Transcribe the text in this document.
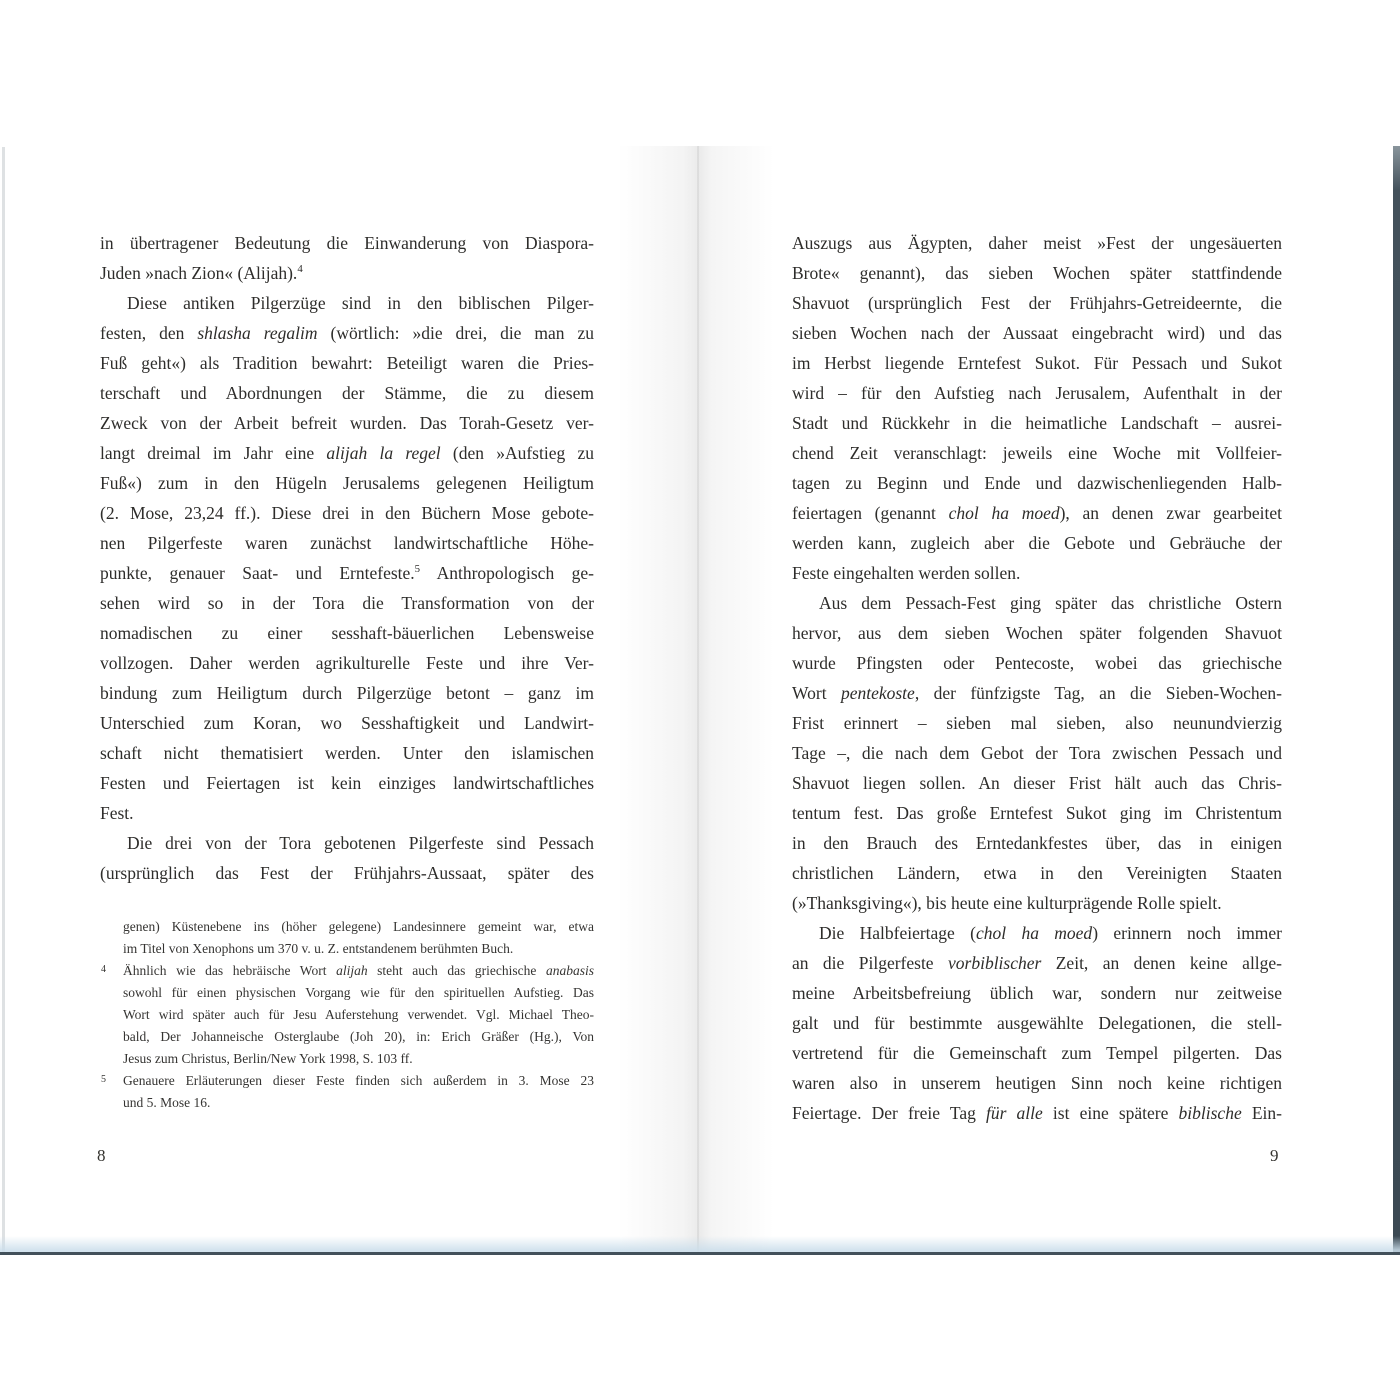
in übertragener Bedeutung die Einwanderung von Diaspora-
Juden »nach Zion« (Alijah).$^4$
Diese antiken Pilgerzüge sind in den biblischen Pilger-
festen, den shlasha regalim (wörtlich: »die drei, die man zu
Fuß geht«) als Tradition bewahrt: Beteiligt waren die Pries-
terschaft und Abordnungen der Stämme, die zu diesem
Zweck von der Arbeit befreit wurden. Das Torah-Gesetz ver-
langt dreimal im Jahr eine alijah la regel (den »Aufstieg zu
Fuß«) zum in den Hügeln Jerusalems gelegenen Heiligtum
(2. Mose, 23,24 ff.). Diese drei in den Büchern Mose gebote-
nen Pilgerfeste waren zunächst landwirtschaftliche Höhe-
punkte, genauer Saat- und Erntefeste.$^5$ Anthropologisch ge-
sehen wird so in der Tora die Transformation von der
nomadischen zu einer sesshaft-bäuerlichen Lebensweise
vollzogen. Daher werden agrikulturelle Feste und ihre Ver-
bindung zum Heiligtum durch Pilgerzüge betont – ganz im
Unterschied zum Koran, wo Sesshaftigkeit und Landwirt-
schaft nicht thematisiert werden. Unter den islamischen
Festen und Feiertagen ist kein einziges landwirtschaftliches
Fest.
Die drei von der Tora gebotenen Pilgerfeste sind Pessach
(ursprünglich das Fest der Frühjahrs-Aussaat, später des
genen) Küstenebene ins (höher gelegene) Landesinnere gemeint war, etwa
im Titel von Xenophons um 370 v. u. Z. entstandenem berühmten Buch.
4 Ähnlich wie das hebräische Wort alijah steht auch das griechische anabasis
sowohl für einen physischen Vorgang wie für den spirituellen Aufstieg. Das
Wort wird später auch für Jesu Auferstehung verwendet. Vgl. Michael Theo-
bald, Der Johanneische Osterglaube (Joh 20), in: Erich Gräßer (Hg.), Von
Jesus zum Christus, Berlin/New York 1998, S. 103 ff.
5 Genauere Erläuterungen dieser Feste finden sich außerdem in 3. Mose 23
und 5. Mose 16.
8
Auszugs aus Ägypten, daher meist »Fest der ungesäuerten
Brote« genannt), das sieben Wochen später stattfindende
Shavuot (ursprünglich Fest der Frühjahrs-Getreideernte, die
sieben Wochen nach der Aussaat eingebracht wird) und das
im Herbst liegende Erntefest Sukot. Für Pessach und Sukot
wird – für den Aufstieg nach Jerusalem, Aufenthalt in der
Stadt und Rückkehr in die heimatliche Landschaft – ausrei-
chend Zeit veranschlagt: jeweils eine Woche mit Vollfeier-
tagen zu Beginn und Ende und dazwischenliegenden Halb-
feiertagen (genannt chol ha moed), an denen zwar gearbeitet
werden kann, zugleich aber die Gebote und Gebräuche der
Feste eingehalten werden sollen.
Aus dem Pessach-Fest ging später das christliche Ostern
hervor, aus dem sieben Wochen später folgenden Shavuot
wurde Pfingsten oder Pentecoste, wobei das griechische
Wort pentekoste, der fünfzigste Tag, an die Sieben-Wochen-
Frist erinnert – sieben mal sieben, also neunundvierzig
Tage –, die nach dem Gebot der Tora zwischen Pessach und
Shavuot liegen sollen. An dieser Frist hält auch das Chris-
tentum fest. Das große Erntefest Sukot ging im Christentum
in den Brauch des Erntedankfestes über, das in einigen
christlichen Ländern, etwa in den Vereinigten Staaten
(»Thanksgiving«), bis heute eine kulturprägende Rolle spielt.
Die Halbfeiertage (chol ha moed) erinnern noch immer
an die Pilgerfeste vorbiblischer Zeit, an denen keine allge-
meine Arbeitsbefreiung üblich war, sondern nur zeitweise
galt und für bestimmte ausgewählte Delegationen, die stell-
vertretend für die Gemeinschaft zum Tempel pilgerten. Das
waren also in unserem heutigen Sinn noch keine richtigen
Feiertage. Der freie Tag für alle ist eine spätere biblische Ein-
9
